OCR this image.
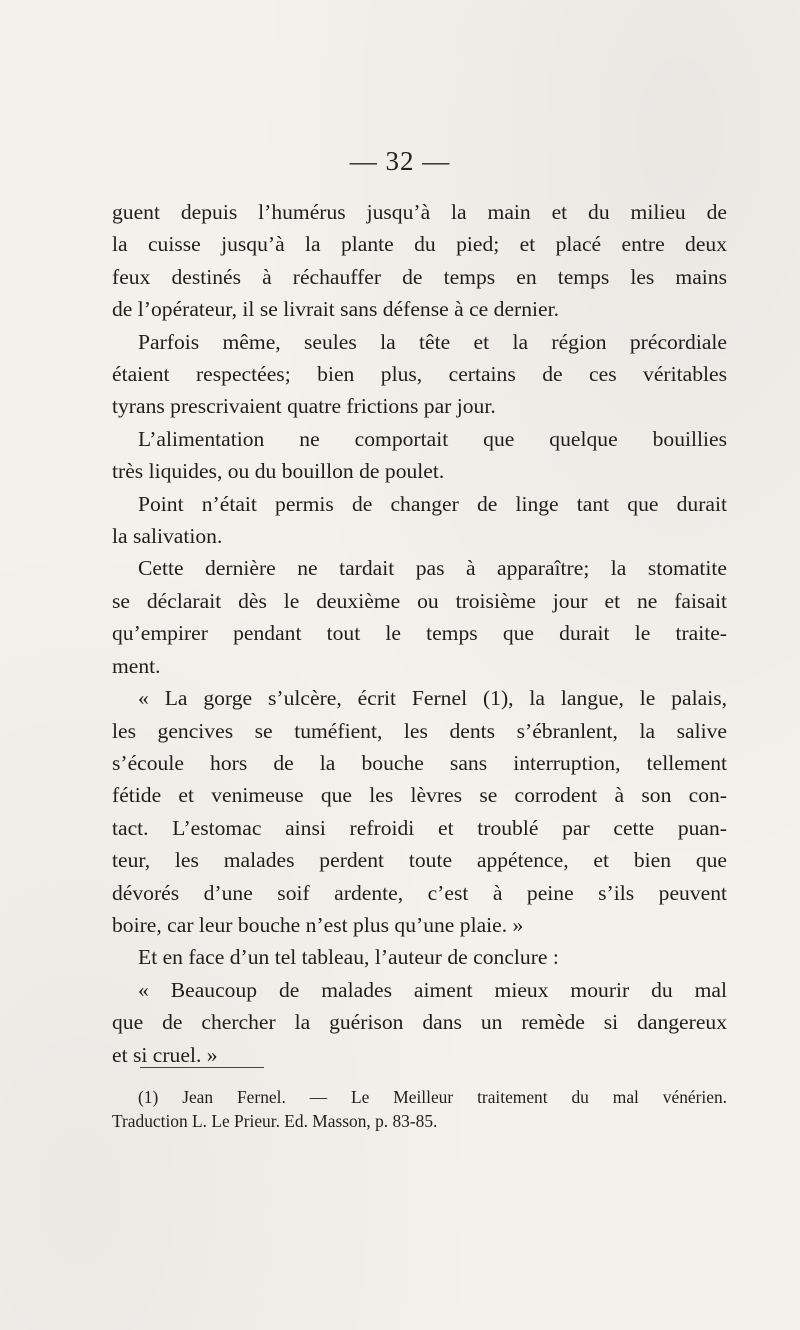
— 32 —
guent depuis l’humérus jusqu’à la main et du milieu de
la cuisse jusqu’à la plante du pied; et placé entre deux
feux destinés à réchauffer de temps en temps les mains
de l’opérateur, il se livrait sans défense à ce dernier.
Parfois même, seules la tête et la région précordiale
étaient respectées; bien plus, certains de ces véritables
tyrans prescrivaient quatre frictions par jour.
L’alimentation ne comportait que quelque bouillies
très liquides, ou du bouillon de poulet.
Point n’était permis de changer de linge tant que durait
la salivation.
Cette dernière ne tardait pas à apparaître; la stomatite
se déclarait dès le deuxième ou troisième jour et ne faisait
qu’empirer pendant tout le temps que durait le traite-
ment.
« La gorge s’ulcère, écrit Fernel (1), la langue, le palais,
les gencives se tuméfient, les dents s’ébranlent, la salive
s’écoule hors de la bouche sans interruption, tellement
fétide et venimeuse que les lèvres se corrodent à son con-
tact. L’estomac ainsi refroidi et troublé par cette puan-
teur, les malades perdent toute appétence, et bien que
dévorés d’une soif ardente, c’est à peine s’ils peuvent
boire, car leur bouche n’est plus qu’une plaie. »
Et en face d’un tel tableau, l’auteur de conclure :
« Beaucoup de malades aiment mieux mourir du mal
que de chercher la guérison dans un remède si dangereux
et si cruel. »
(1) Jean Fernel. — Le Meilleur traitement du mal vénérien.
Traduction L. Le Prieur. Ed. Masson, p. 83-85.
